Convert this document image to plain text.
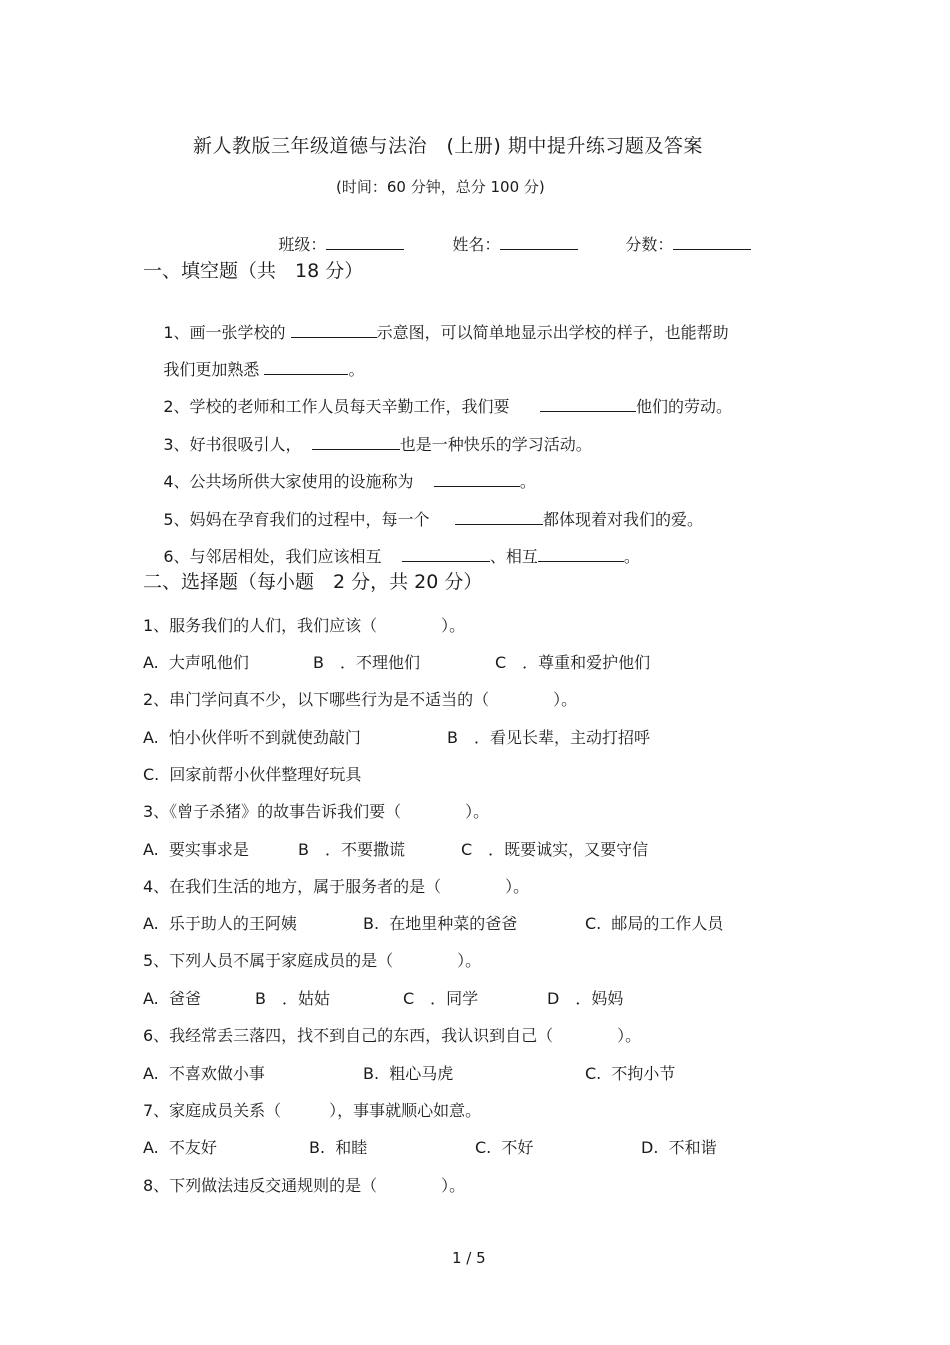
新人教版三年级道德与法治　(上册) 期中提升练习题及答案
(时间：60 分钟，总分 100 分)

班级：
	姓名：
	分数：

一、填空题（共　18 分）

1、画一张学校的	示意图，可以简单地显示出学校的样子，也能帮助

我们更加熟悉	。

2、学校的老师和工作人员每天辛勤工作，我们要	他们的劳动。

3、好书很吸引人，	也是一种快乐的学习活动。

4、公共场所供大家使用的设施称为	。

5、妈妈在孕育我们的过程中，每一个	都体现着对我们的爱。

6、与邻居相处，我们应该相互	、相互	。

二、选择题（每小题　2 分，共 20 分）
1、服务我们的人们，我们应该（　　　　）。
A.  大声吼他们	B　．不理他们	C　．尊重和爱护他们
2、串门学问真不少，以下哪些行为是不适当的（　　　　）。
A.  怕小伙伴听不到就使劲敲门	B　．看见长辈，主动打招呼
C.  回家前帮小伙伴整理好玩具
3、《曾子杀猪》的故事告诉我们要（　　　　）。
A.  要实事求是	B　．不要撒谎	C　．既要诚实，又要守信
4、在我们生活的地方，属于服务者的是（　　　　）。
A.  乐于助人的王阿姨	B.  在地里种菜的爸爸	C.  邮局的工作人员
5、下列人员不属于家庭成员的是（　　　　）。
A.  爸爸	B　．姑姑	C　．同学	D　．妈妈
6、我经常丢三落四，找不到自己的东西，我认识到自己（　　　　）。
A.  不喜欢做小事	B.  粗心马虎	C.  不拘小节
7、家庭成员关系（　　　），事事就顺心如意。
A.  不友好	B.  和睦	C.  不好	D.  不和谐
8、下列做法违反交通规则的是（　　　　）。
1 / 5
